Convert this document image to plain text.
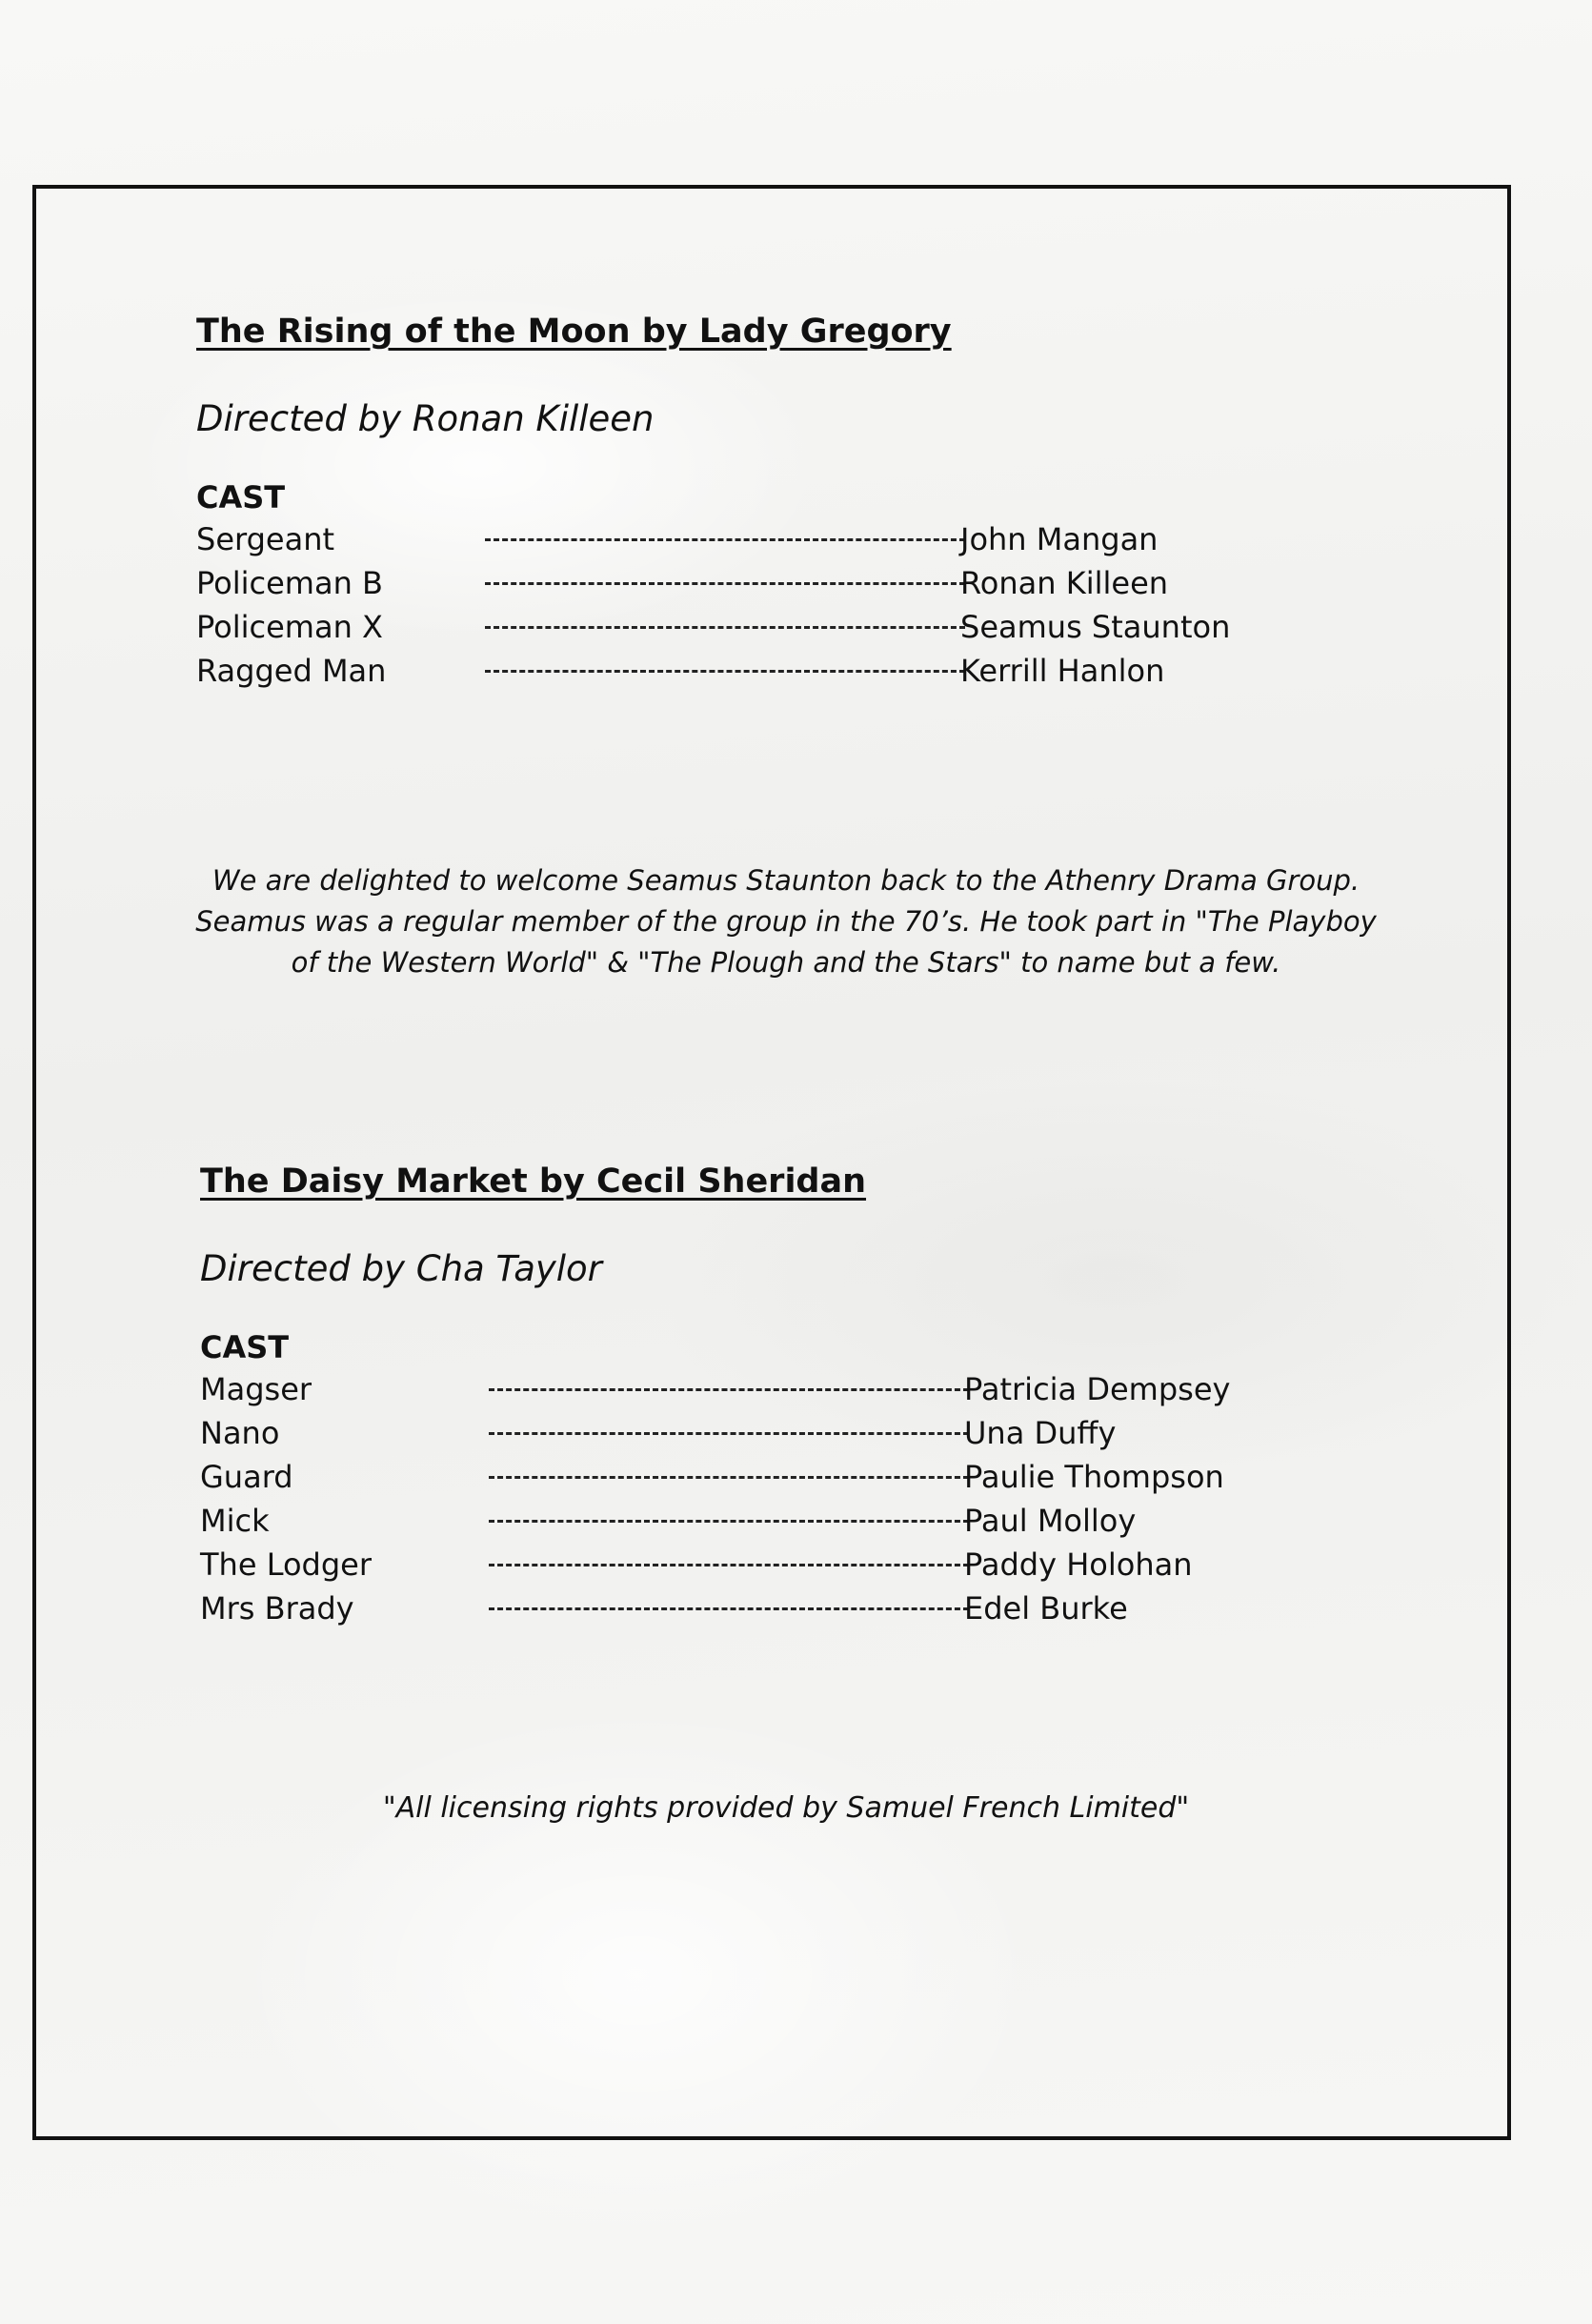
The Rising of the Moon by Lady Gregory
Directed by Ronan Killeen
CAST
Sergeant	John Mangan
Policeman B	Ronan Killeen
Policeman X	Seamus Staunton
Ragged Man	Kerrill Hanlon
We are delighted to welcome Seamus Staunton back to the Athenry Drama Group.
Seamus was a regular member of the group in the 70’s. He took part in "The Playboy
of the Western World" & "The Plough and the Stars" to name but a few.
The Daisy Market by Cecil Sheridan
Directed by Cha Taylor
CAST
Magser	Patricia Dempsey
Nano	Una Duffy
Guard	Paulie Thompson
Mick	Paul Molloy
The Lodger	Paddy Holohan
Mrs Brady	Edel Burke
"All licensing rights provided by Samuel French Limited"
